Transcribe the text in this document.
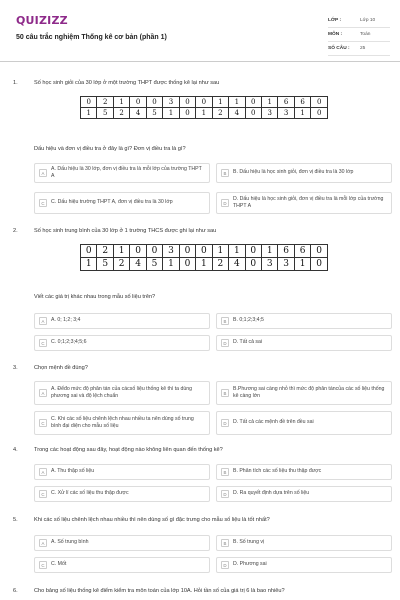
QUIZIZZ
50 câu trắc nghiệm Thống kê cơ bản (phần 1)
LỚP :	Lớp 10
MÔN :	Toán
SỐ CÂU :	25
1.	Số học sinh giỏi của 30 lớp ở một trường THPT được thống kê lại như sau
0	2	1	0	0	3	0	0	1	1	0	1	6	6	0
1	5	2	4	5	1	0	1	2	4	0	3	3	1	0
Dấu hiệu và đơn vị điều tra ở đây là gì? Đơn vị điều tra là gì?
A
A. Dấu hiệu là 30 lớp, đơn vị điều tra là mỗi lớp của trường THPT A	B	B. Dấu hiệu là học sinh giỏi, đơn vị điều tra là 30 lớp
C	C. Dấu hiệu trường THPT A, đơn vị điều tra là 30 lớp	D
D. Dấu hiệu là học sinh giỏi, đơn vị điều tra là mỗi lớp của trường THPT A
2.	Số học sinh trung bình của 30 lớp ở 1 trường THCS được ghi lại như sau
0	2	1	0	0	3	0	0	1	1	0	1	6	6	0
1	5	2	4	5	1	0	1	2	4	0	3	3	1	0
Viết các giá trị khác nhau trong mẫu số liệu trên?
A	A. 0; 1;2; 3;4	B	B. 0;1;2;3;4;5
C	C. 0;1;2;3;4;5;6	D	D. Tất cả sai
3.	Chọn mệnh đề đúng?
A
A. Đểđo mức độ phân tán của cácsố liệu thống kê thì ta dùng phương sai và độ lệch chuẩn	B
B.Phương sai càng nhỏ thì mức độ phân táncủa các số liệu thống kê càng lớn
C
C. Khi các số liệu chênh lệch nhau nhiều ta nên dùng số trung bình đại diện cho mẫu số liệu	D	D. Tất cả các mệnh đề trên đều sai
4.	Trong các hoạt động sau đây, hoạt động nào không liên quan đến thống kê?
A	A. Thu thập số liệu	B	B. Phân tích các số liệu thu thập được
C	C. Xử lí các số liệu thu thập được	D	D. Ra quyết định dựa trên số liệu
5.	Khi các số liệu chênh lệch nhau nhiều thì nên dùng số gì đặc trưng cho mẫu số liệu là tốt nhất?
A	A. Số trung bình	B	B. Số trung vị
C	C. Mốt	D	D. Phương sai
6.	Cho bảng số liệu thống kê điểm kiểm tra môn toán của lớp 10A. Hỏi tần số của giá trị 6 là bao nhiêu?
